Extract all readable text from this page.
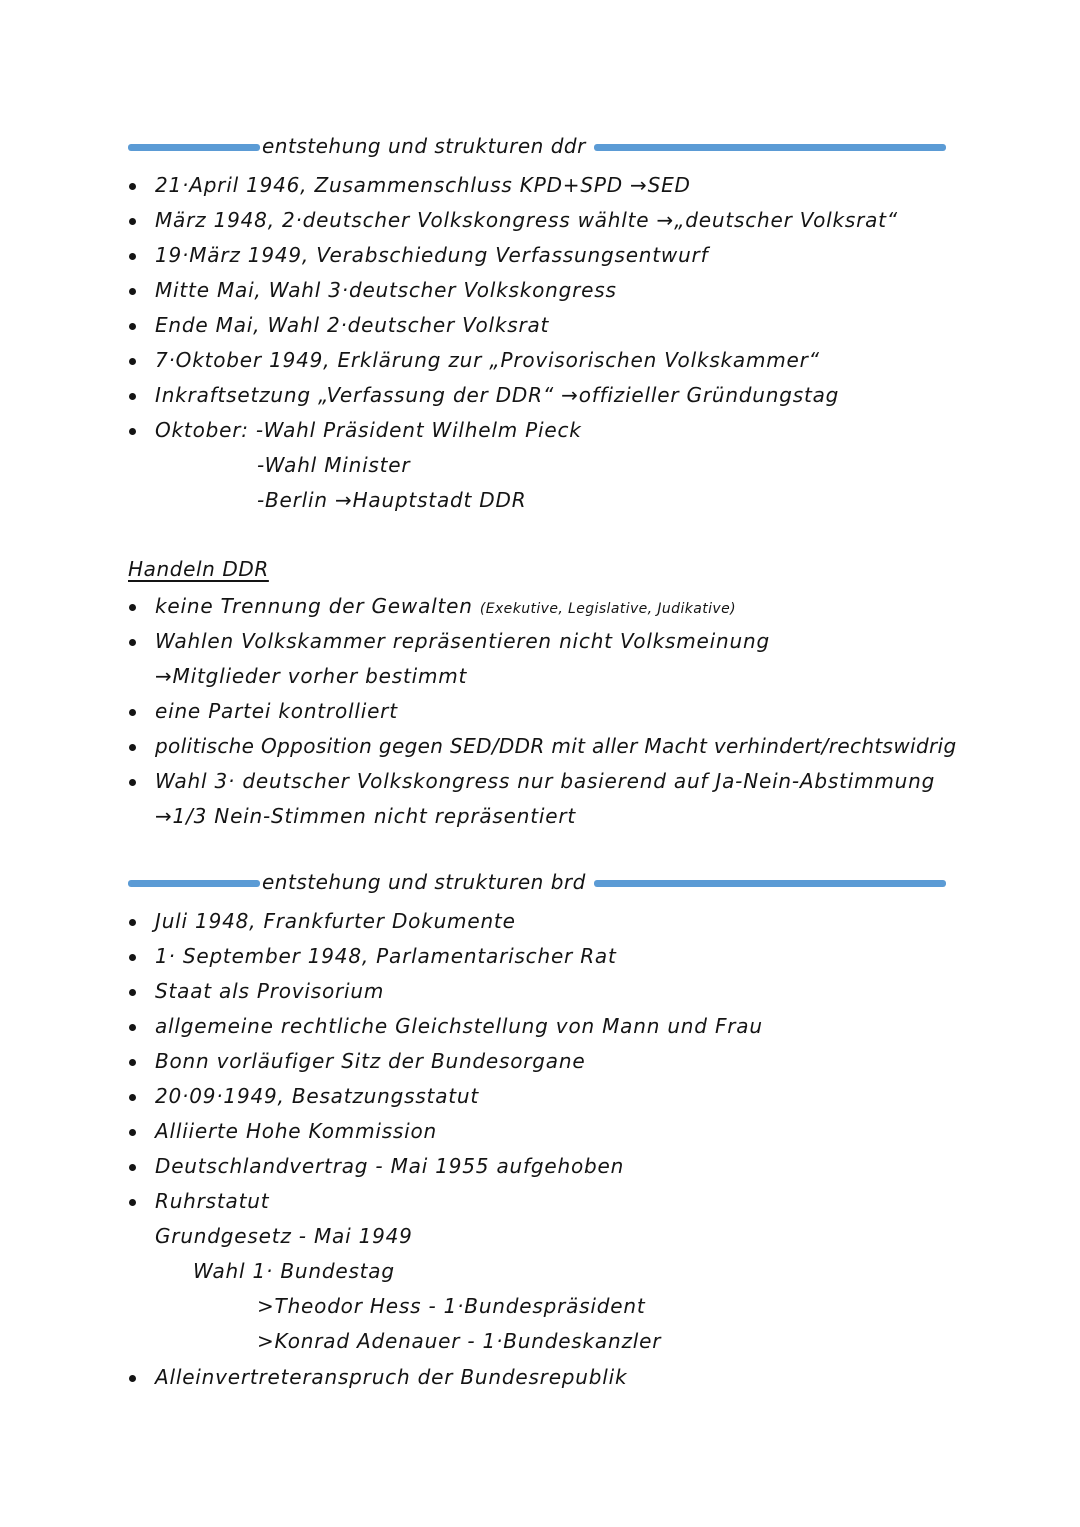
entstehung und strukturen ddr
21·April 1946, Zusammenschluss KPD+SPD →SED
März 1948, 2·deutscher Volkskongress wählte →„deutscher Volksrat“
19·März 1949, Verabschiedung Verfassungsentwurf
Mitte Mai, Wahl 3·deutscher Volkskongress
Ende Mai, Wahl 2·deutscher Volksrat
7·Oktober 1949, Erklärung zur „Provisorischen Volkskammer“
Inkraftsetzung „Verfassung der DDR“ →offizieller Gründungstag
Oktober: -Wahl Präsident Wilhelm Pieck
-Wahl Minister
-Berlin →Hauptstadt DDR
Handeln DDR
keine Trennung der Gewalten (Exekutive, Legislative, Judikative)
Wahlen Volkskammer repräsentieren nicht Volksmeinung
→Mitglieder vorher bestimmt
eine Partei kontrolliert
politische Opposition gegen SED/DDR mit aller Macht verhindert/rechtswidrig
Wahl 3· deutscher Volkskongress nur basierend auf Ja-Nein-Abstimmung
→1/3 Nein-Stimmen nicht repräsentiert
entstehung und strukturen brd
Juli 1948, Frankfurter Dokumente
1· September 1948, Parlamentarischer Rat
Staat als Provisorium
allgemeine rechtliche Gleichstellung von Mann und Frau
Bonn vorläufiger Sitz der Bundesorgane
20·09·1949, Besatzungsstatut
Alliierte Hohe Kommission
Deutschlandvertrag - Mai 1955 aufgehoben
Ruhrstatut
Grundgesetz - Mai 1949
Wahl 1· Bundestag
>Theodor Hess - 1·Bundespräsident
>Konrad Adenauer - 1·Bundeskanzler
Alleinvertreteranspruch der Bundesrepublik
